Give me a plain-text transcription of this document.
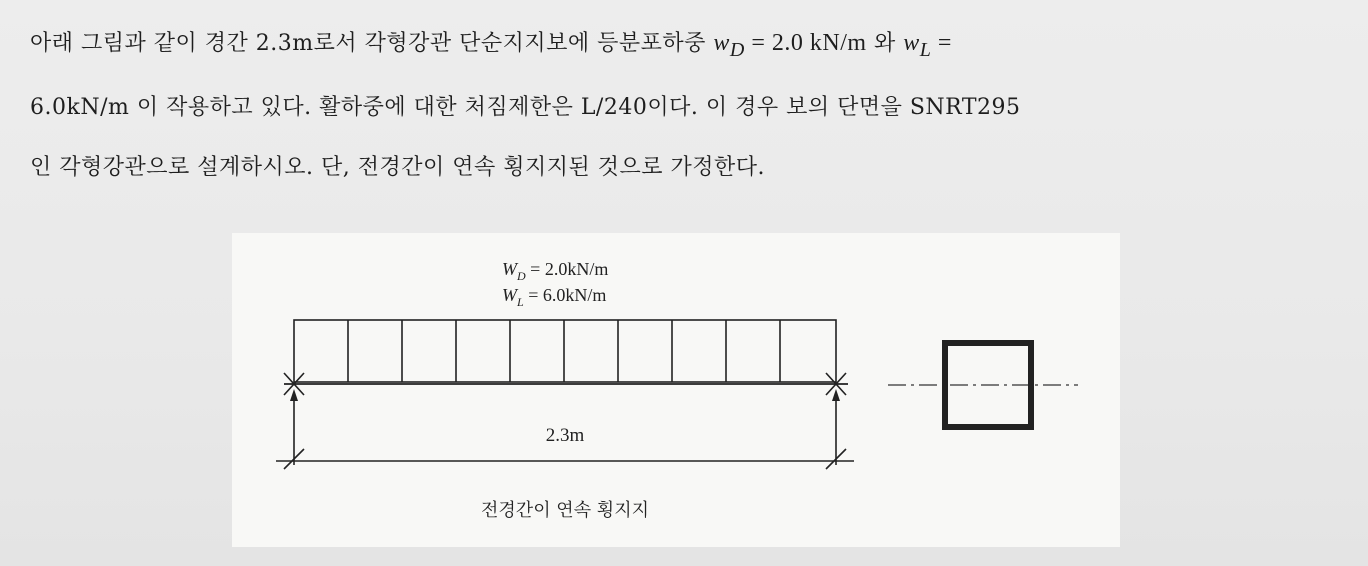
아래 그림과 같이 경간 2.3m로서 각형강관 단순지지보에 등분포하중 $w_D = 2.0$ kN/m 와 $w_L$ =
6.0kN/m 이 작용하고 있다. 활하중에 대한 처짐제한은 L/240이다. 이 경우 보의 단면을 SNRT295
인 각형강관으로 설계하시오. 단, 전경간이 연속 횡지지된 것으로 가정한다.
$W_D = 2.0kN/m$
$W_L = 6.0kN/m$
2.3m
전경간이 연속 횡지지
